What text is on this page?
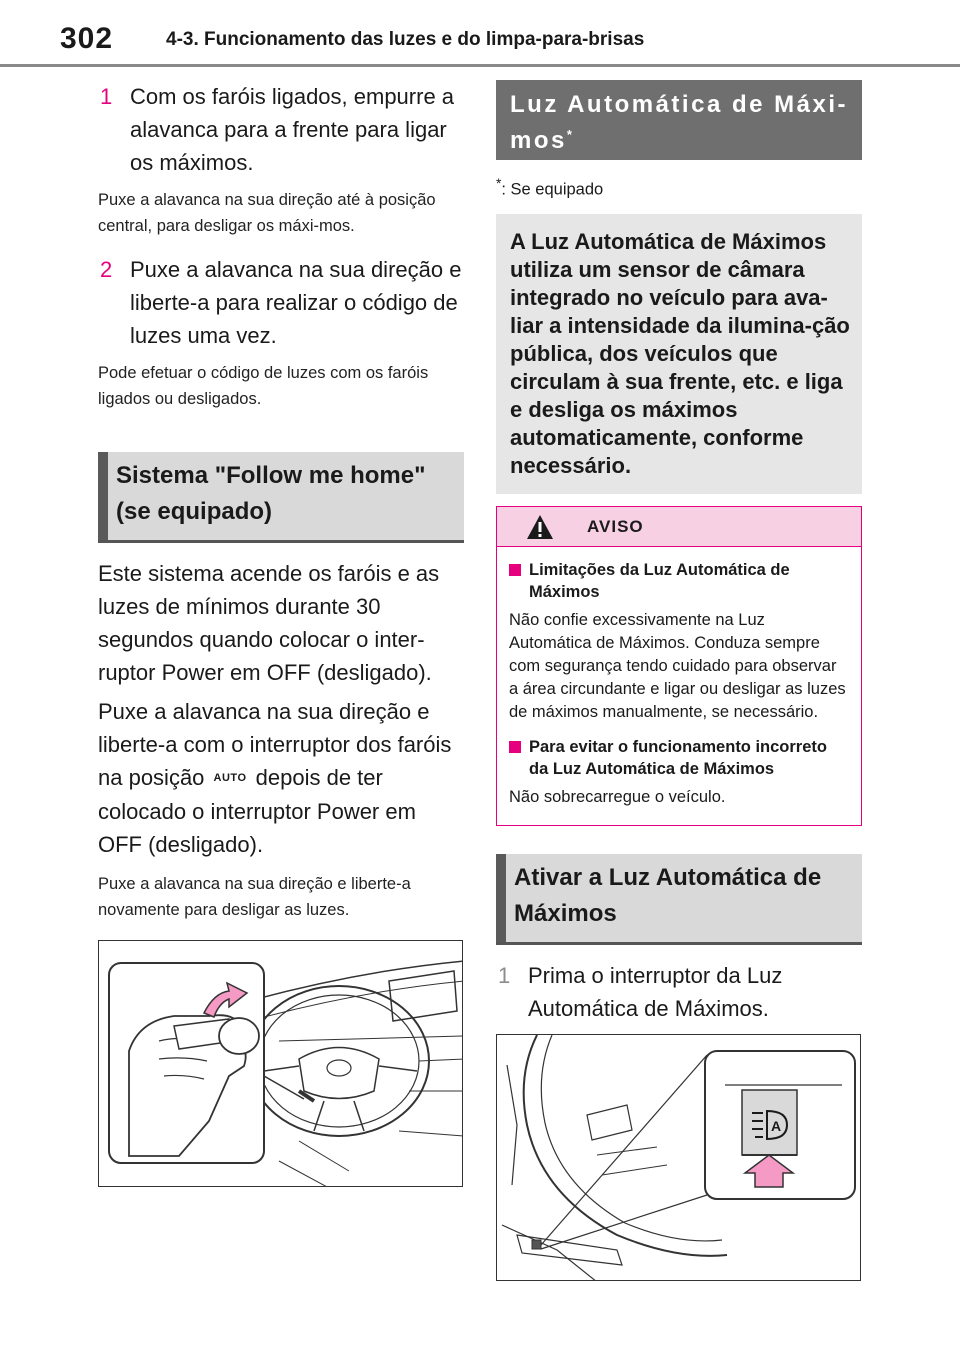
302	4-3. Funcionamento das luzes e do limpa-para-brisas
1 Com os faróis ligados, empurre a alavanca para a frente para ligar os máximos.
Puxe a alavanca na sua direção até à posição central, para desligar os máxi-mos.
2 Puxe a alavanca na sua direção e liberte-a para realizar o código de luzes uma vez.
Pode efetuar o código de luzes com os faróis ligados ou desligados.
Sistema "Follow me home" (se equipado)
Este sistema acende os faróis e as luzes de mínimos durante 30 segundos quando colocar o inter-ruptor Power em OFF (desligado).
Puxe a alavanca na sua direção e liberte-a com o interruptor dos faróis na posição AUTO depois de ter colocado o interruptor Power em OFF (desligado).
Puxe a alavanca na sua direção e liberte-a novamente para desligar as luzes.
Luz Automática de Máxi-mos*
*: Se equipado
A Luz Automática de Máximos utiliza um sensor de câmara integrado no veículo para ava-liar a intensidade da ilumina-ção pública, dos veículos que circulam à sua frente, etc. e liga e desliga os máximos automaticamente, conforme necessário.
AVISO
Limitações da Luz Automática de Máximos
Não confie excessivamente na Luz Automática de Máximos. Conduza sempre com segurança tendo cuidado para observar a área circundante e ligar ou desligar as luzes de máximos manualmente, se necessário.
Para evitar o funcionamento incorreto da Luz Automática de Máximos
Não sobrecarregue o veículo.
Ativar a Luz Automática de Máximos
1 Prima o interruptor da Luz Automática de Máximos.
A
